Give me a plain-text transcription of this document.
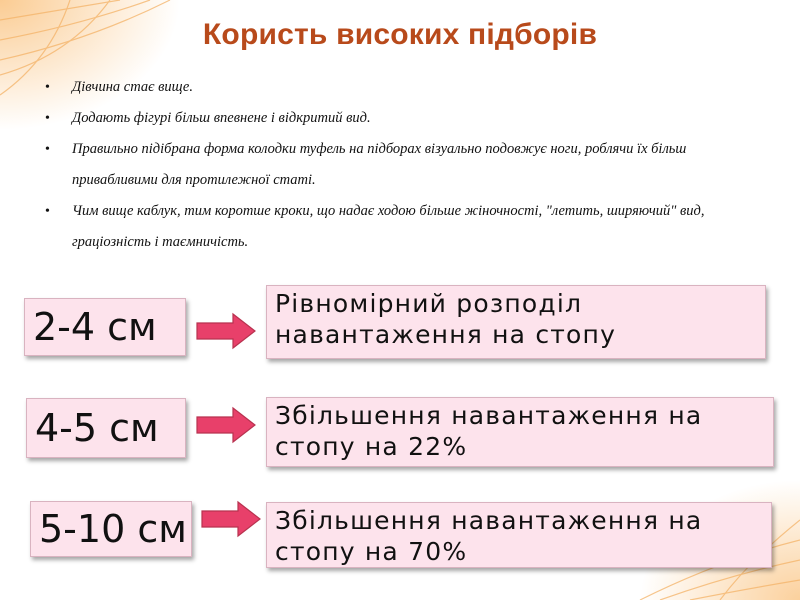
Користь високих підборів
• Дівчина стає вище.
• Додають фігурі більш впевнене і відкритий вид.
• Правильно підібрана форма колодки туфель на підборах візуально подовжує ноги, роблячи їх більш привабливими для протилежної статі.
• Чим вище каблук, тим коротше кроки, що надає ходою більше жіночності, "летить, ширяючий" вид, граціозність і таємничість.
2-4 см
Рівномірний розподіл навантаження на стопу
4-5 см	Збільшення навантаження на стопу на 22%
5-10 см	Збільшення навантаження на стопу на 70%
